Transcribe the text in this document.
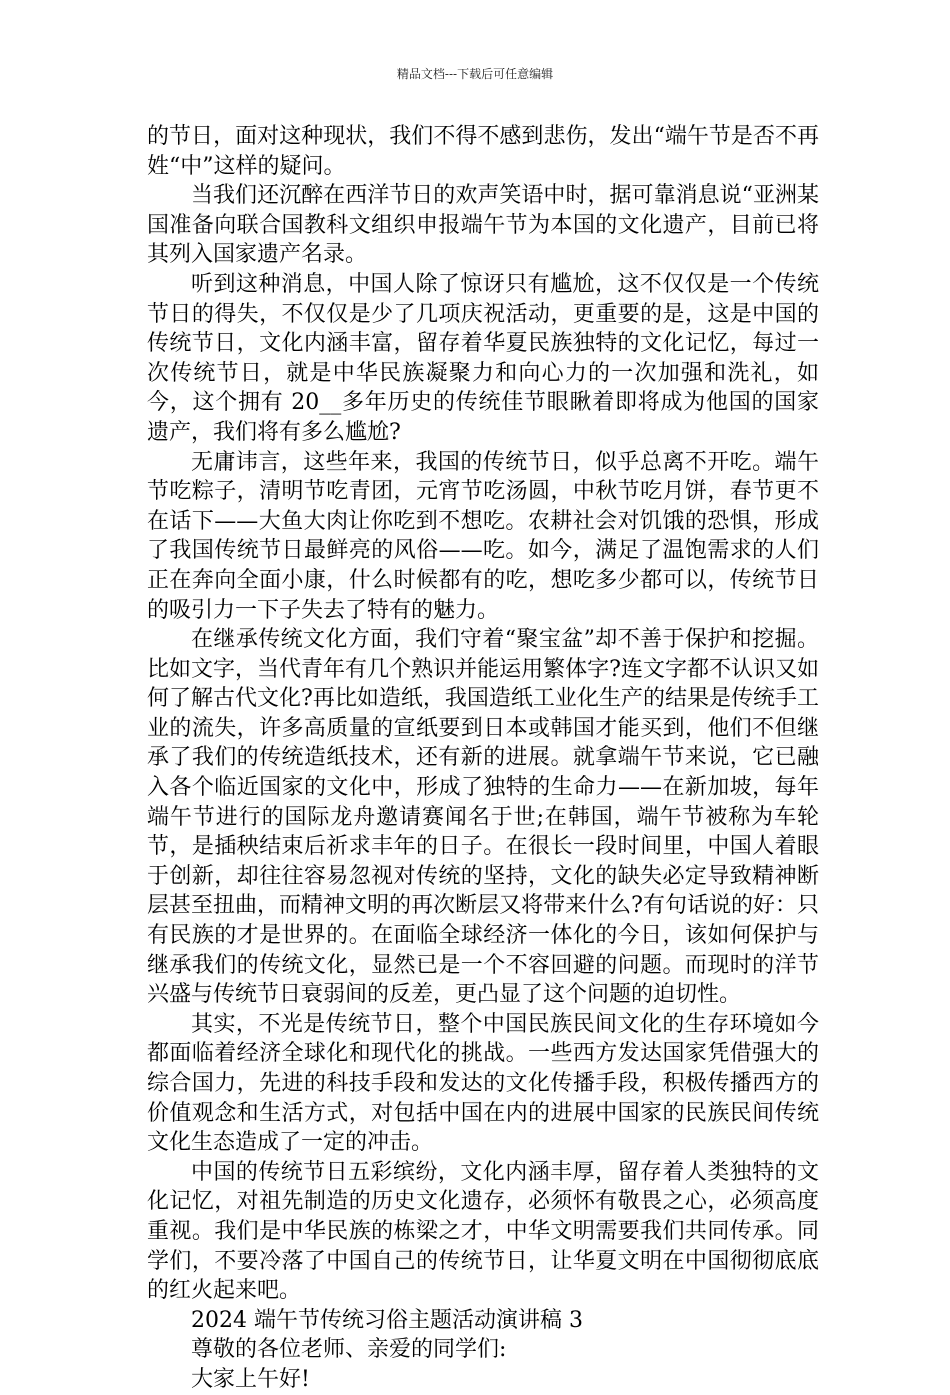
精品文档---下载后可任意编辑

的节日，面对这种现状，我们不得不感到悲伤，发出“端午节是否不再姓“中”这样的疑问。

当我们还沉醉在西洋节日的欢声笑语中时，据可靠消息说“亚洲某国准备向联合国教科文组织申报端午节为本国的文化遗产，目前已将其列入国家遗产名录。

听到这种消息，中国人除了惊讶只有尴尬，这不仅仅是一个传统节日的得失，不仅仅是少了几项庆祝活动，更重要的是，这是中国的传统节日，文化内涵丰富，留存着华夏民族独特的文化记忆，每过一次传统节日，就是中华民族凝聚力和向心力的一次加强和洗礼，如今，这个拥有 20__多年历史的传统佳节眼瞅着即将成为他国的国家遗产，我们将有多么尴尬?

无庸讳言，这些年来，我国的传统节日，似乎总离不开吃。端午节吃粽子，清明节吃青团，元宵节吃汤圆，中秋节吃月饼，春节更不在话下——大鱼大肉让你吃到不想吃。农耕社会对饥饿的恐惧，形成了我国传统节日最鲜亮的风俗——吃。如今，满足了温饱需求的人们正在奔向全面小康，什么时候都有的吃，想吃多少都可以，传统节日的吸引力一下子失去了特有的魅力。

在继承传统文化方面，我们守着“聚宝盆”却不善于保护和挖掘。比如文字，当代青年有几个熟识并能运用繁体字?连文字都不认识又如何了解古代文化?再比如造纸，我国造纸工业化生产的结果是传统手工业的流失，许多高质量的宣纸要到日本或韩国才能买到，他们不但继承了我们的传统造纸技术，还有新的进展。就拿端午节来说，它已融入各个临近国家的文化中，形成了独特的生命力——在新加坡，每年端午节进行的国际龙舟邀请赛闻名于世;在韩国，端午节被称为车轮节，是插秧结束后祈求丰年的日子。在很长一段时间里，中国人着眼于创新，却往往容易忽视对传统的坚持，文化的缺失必定导致精神断层甚至扭曲，而精神文明的再次断层又将带来什么?有句话说的好：只有民族的才是世界的。在面临全球经济一体化的今日，该如何保护与继承我们的传统文化，显然已是一个不容回避的问题。而现时的洋节兴盛与传统节日衰弱间的反差，更凸显了这个问题的迫切性。

其实，不光是传统节日，整个中国民族民间文化的生存环境如今都面临着经济全球化和现代化的挑战。一些西方发达国家凭借强大的综合国力，先进的科技手段和发达的文化传播手段，积极传播西方的价值观念和生活方式，对包括中国在内的进展中国家的民族民间传统文化生态造成了一定的冲击。

中国的传统节日五彩缤纷，文化内涵丰厚，留存着人类独特的文化记忆，对祖先制造的历史文化遗存，必须怀有敬畏之心，必须高度重视。我们是中华民族的栋梁之才，中华文明需要我们共同传承。同学们，不要冷落了中国自己的传统节日，让华夏文明在中国彻彻底底的红火起来吧。

2024 端午节传统习俗主题活动演讲稿 3

尊敬的各位老师、亲爱的同学们:

大家上午好!
